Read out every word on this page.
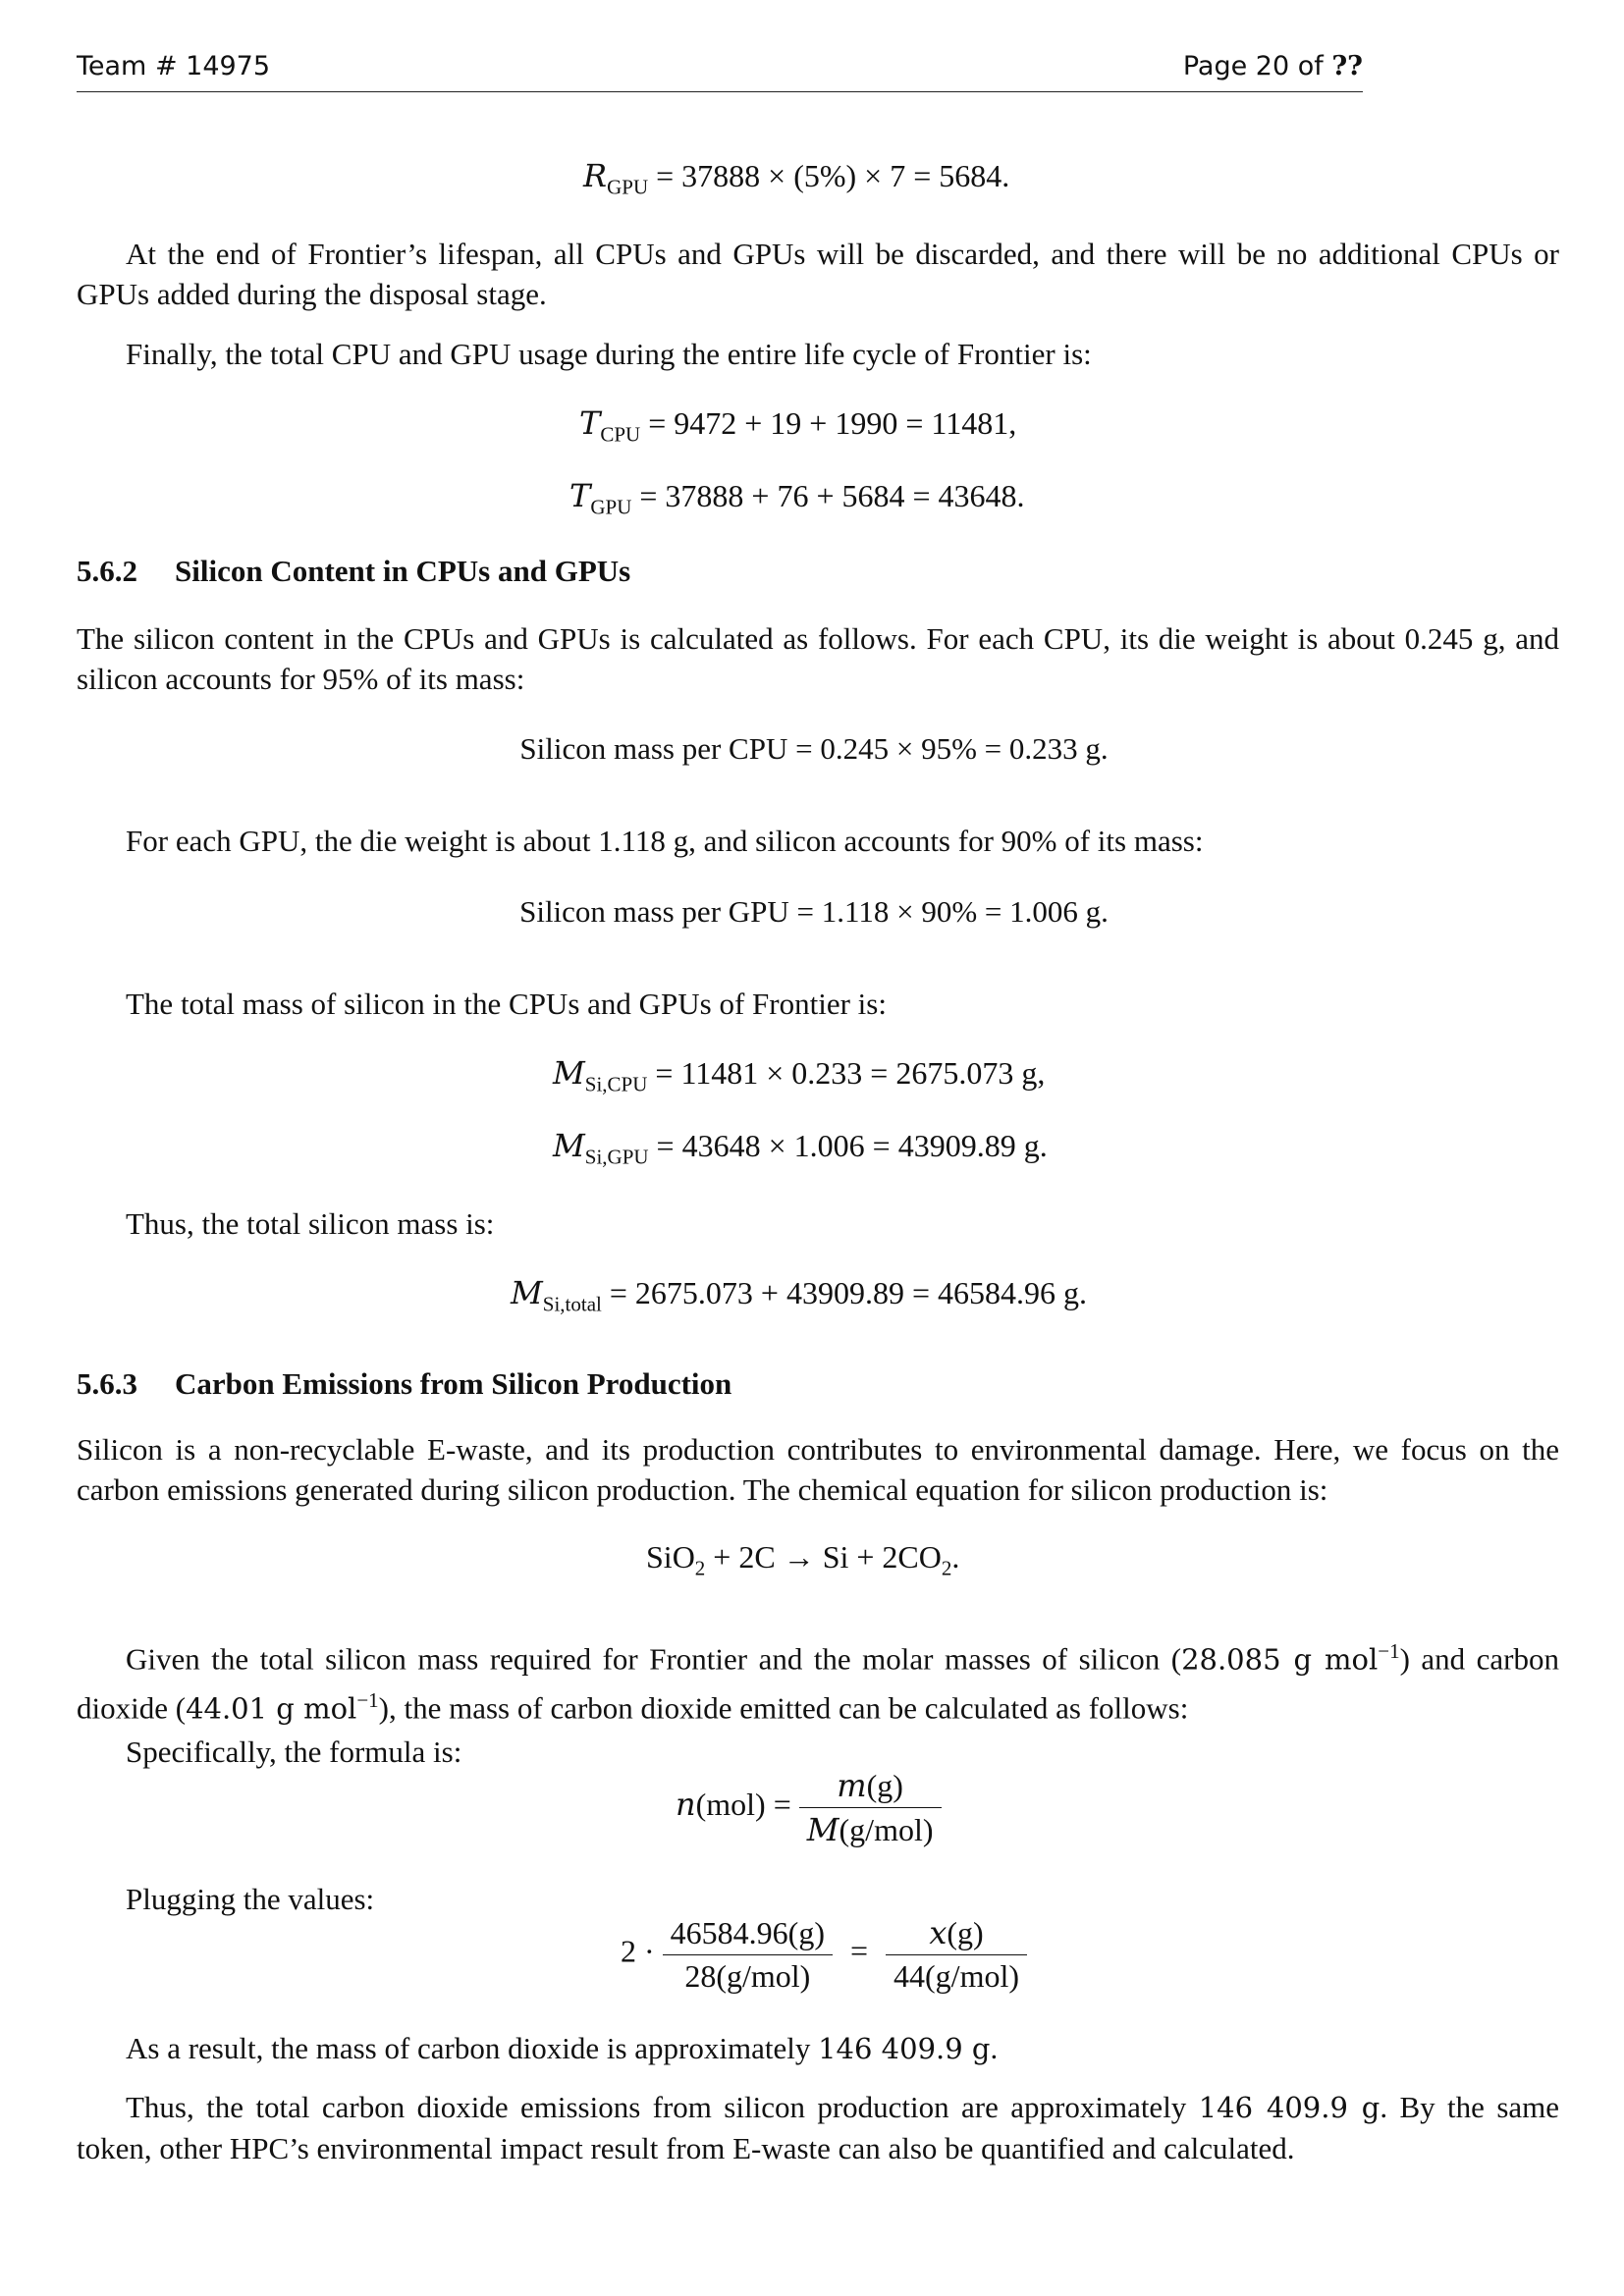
Team # 14975	Page 20 of ??
$R_{GPU} = 37888 \times (5\%) \times 7 = 5684$.
At the end of Frontier’s lifespan, all CPUs and GPUs will be discarded, and there will be no additional CPUs or GPUs added during the disposal stage.
Finally, the total CPU and GPU usage during the entire life cycle of Frontier is:
$T_{CPU} = 9472 + 19 + 1990 = 11481$,
$T_{GPU} = 37888 + 76 + 5684 = 43648$.
5.6.2 Silicon Content in CPUs and GPUs
The silicon content in the CPUs and GPUs is calculated as follows. For each CPU, its die weight is about 0.245 g, and silicon accounts for 95% of its mass:
Silicon mass per CPU = 0.245 × 95% = 0.233 g.
For each GPU, the die weight is about 1.118 g, and silicon accounts for 90% of its mass:
Silicon mass per GPU = 1.118 × 90% = 1.006 g.
The total mass of silicon in the CPUs and GPUs of Frontier is:
$M_{Si,CPU} = 11481 \times 0.233 = 2675.073$ g,
$M_{Si,GPU} = 43648 \times 1.006 = 43909.89$ g.
Thus, the total silicon mass is:
$M_{Si,total} = 2675.073 + 43909.89 = 46584.96$ g.
5.6.3 Carbon Emissions from Silicon Production
Silicon is a non-recyclable E-waste, and its production contributes to environmental damage. Here, we focus on the carbon emissions generated during silicon production. The chemical equation for silicon production is:
$SiO_2 + 2C \to Si + 2CO_2$.
Given the total silicon mass required for Frontier and the molar masses of silicon (28.085 g mol$^{-1}$) and carbon dioxide (44.01 g mol$^{-1}$), the mass of carbon dioxide emitted can be calculated as follows:
Specifically, the formula is:
$n(mol) = \frac{m(g)}{\text{M(g/mol)}}$
Plugging the values:
$2 \cdot \frac{46584.96(g)}{\text{28(g/mol)}} = \frac{x(g)}{\text{44(g/mol)}}$
As a result, the mass of carbon dioxide is approximately 146 409.9 g.
Thus, the total carbon dioxide emissions from silicon production are approximately 146 409.9 g. By the same token, other HPC’s environmental impact result from E-waste can also be quantified and calculated.
